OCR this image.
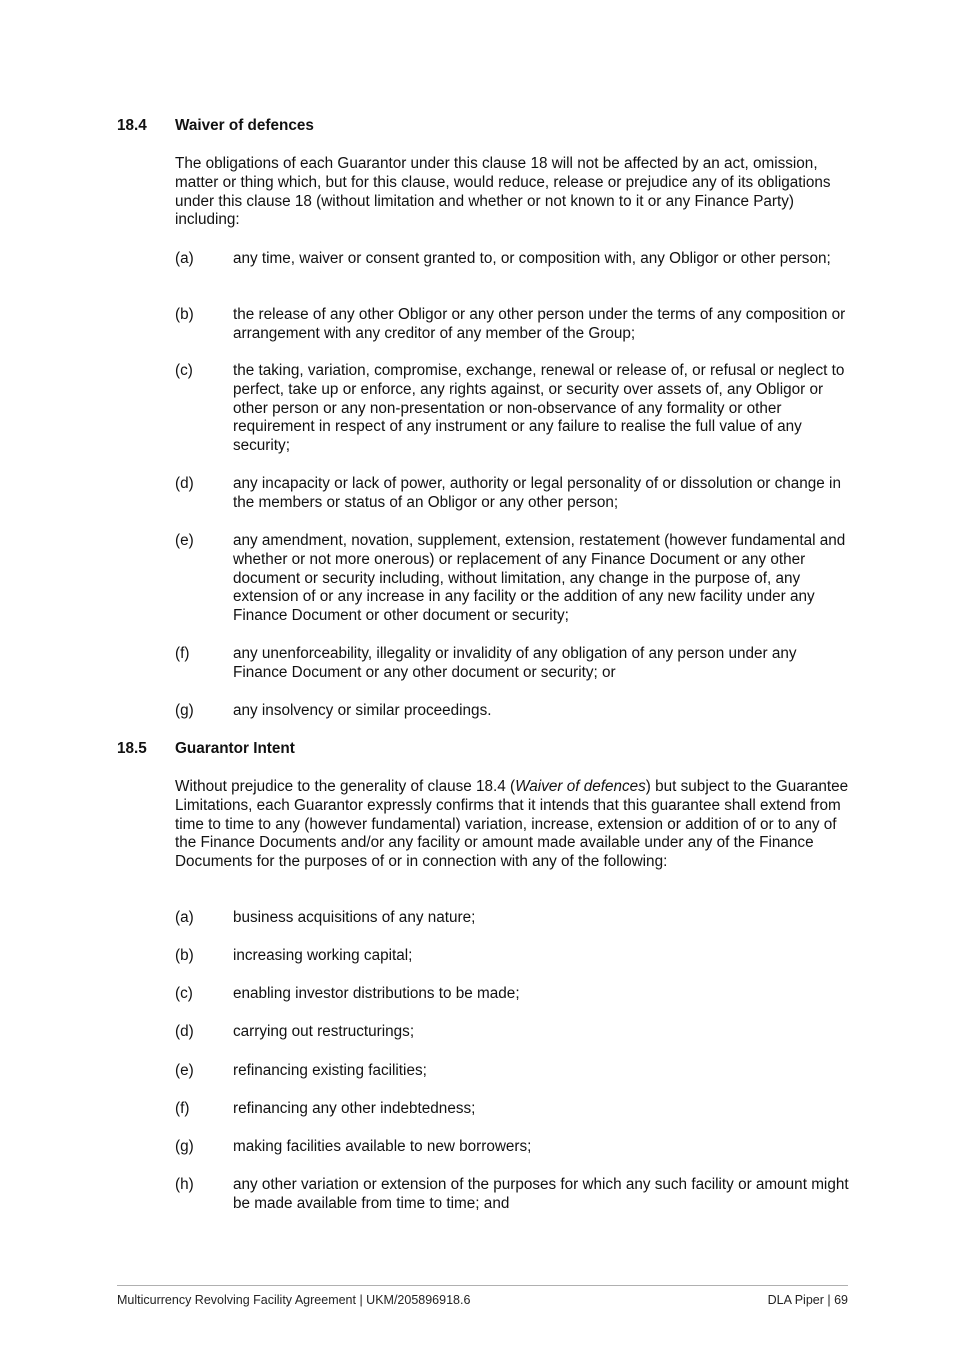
18.4 Waiver of defences
The obligations of each Guarantor under this clause 18 will not be affected by an act, omission, matter or thing which, but for this clause, would reduce, release or prejudice any of its obligations under this clause 18 (without limitation and whether or not known to it or any Finance Party) including:
(a)	any time, waiver or consent granted to, or composition with, any Obligor or other person;
(b)	the release of any other Obligor or any other person under the terms of any composition or arrangement with any creditor of any member of the Group;
(c)	the taking, variation, compromise, exchange, renewal or release of, or refusal or neglect to perfect, take up or enforce, any rights against, or security over assets of, any Obligor or other person or any non-presentation or non-observance of any formality or other requirement in respect of any instrument or any failure to realise the full value of any security;
(d)	any incapacity or lack of power, authority or legal personality of or dissolution or change in the members or status of an Obligor or any other person;
(e)	any amendment, novation, supplement, extension, restatement (however fundamental and whether or not more onerous) or replacement of any Finance Document or any other document or security including, without limitation, any change in the purpose of, any extension of or any increase in any facility or the addition of any new facility under any Finance Document or other document or security;
(f)	any unenforceability, illegality or invalidity of any obligation of any person under any Finance Document or any other document or security; or
(g)	any insolvency or similar proceedings.
18.5 Guarantor Intent
Without prejudice to the generality of clause 18.4 (Waiver of defences) but subject to the Guarantee Limitations, each Guarantor expressly confirms that it intends that this guarantee shall extend from time to time to any (however fundamental) variation, increase, extension or addition of or to any of the Finance Documents and/or any facility or amount made available under any of the Finance Documents for the purposes of or in connection with any of the following:
(a)	business acquisitions of any nature;
(b)	increasing working capital;
(c)	enabling investor distributions to be made;
(d)	carrying out restructurings;
(e)	refinancing existing facilities;
(f)	refinancing any other indebtedness;
(g)	making facilities available to new borrowers;
(h)	any other variation or extension of the purposes for which any such facility or amount might be made available from time to time; and
Multicurrency Revolving Facility Agreement | UKM/205896918.6	DLA Piper | 69
